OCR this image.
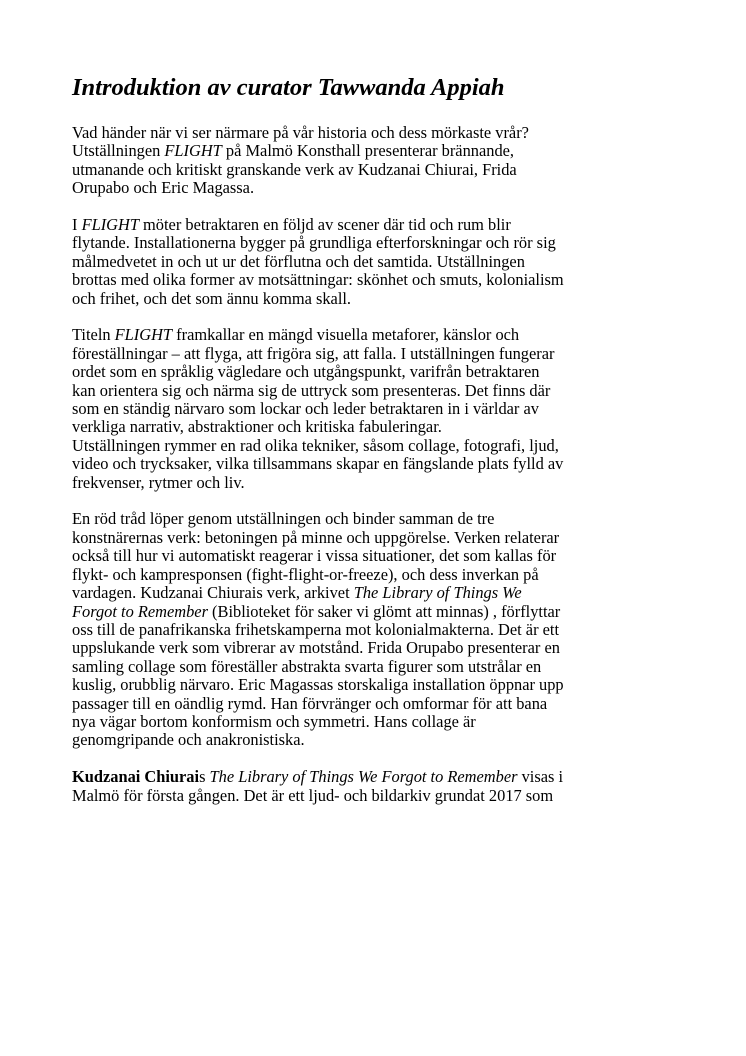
Introduktion av curator Tawwanda Appiah

Vad händer när vi ser närmare på vår historia och dess mörkaste vrår?
Utställningen FLIGHT på Malmö Konsthall presenterar brännande,
utmanande och kritiskt granskande verk av Kudzanai Chiurai, Frida
Orupabo och Eric Magassa.

I FLIGHT möter betraktaren en följd av scener där tid och rum blir
flytande. Installationerna bygger på grundliga efterforskningar och rör sig
målmedvetet in och ut ur det förflutna och det samtida. Utställningen
brottas med olika former av motsättningar: skönhet och smuts, kolonialism
och frihet, och det som ännu komma skall.

Titeln FLIGHT framkallar en mängd visuella metaforer, känslor och
föreställningar – att flyga, att frigöra sig, att falla. I utställningen fungerar
ordet som en språklig vägledare och utgångspunkt, varifrån betraktaren
kan orientera sig och närma sig de uttryck som presenteras. Det finns där
som en ständig närvaro som lockar och leder betraktaren in i världar av
verkliga narrativ, abstraktioner och kritiska fabuleringar.
Utställningen rymmer en rad olika tekniker, såsom collage, fotografi, ljud,
video och trycksaker, vilka tillsammans skapar en fängslande plats fylld av
frekvenser, rytmer och liv.

En röd tråd löper genom utställningen och binder samman de tre
konstnärernas verk: betoningen på minne och uppgörelse. Verken relaterar
också till hur vi automatiskt reagerar i vissa situationer, det som kallas för
flykt- och kampresponsen (fight-flight-or-freeze), och dess inverkan på
vardagen. Kudzanai Chiurais verk, arkivet The Library of Things We
Forgot to Remember (Biblioteket för saker vi glömt att minnas) , förflyttar
oss till de panafrikanska frihetskamperna mot kolonialmakterna. Det är ett
uppslukande verk som vibrerar av motstånd. Frida Orupabo presenterar en
samling collage som föreställer abstrakta svarta figurer som utstrålar en
kuslig, orubblig närvaro. Eric Magassas storskaliga installation öppnar upp
passager till en oändlig rymd. Han förvränger och omformar för att bana
nya vägar bortom konformism och symmetri. Hans collage är
genomgripande och anakronistiska.

Kudzanai Chiurais The Library of Things We Forgot to Remember visas i
Malmö för första gången. Det är ett ljud- och bildarkiv grundat 2017 som
